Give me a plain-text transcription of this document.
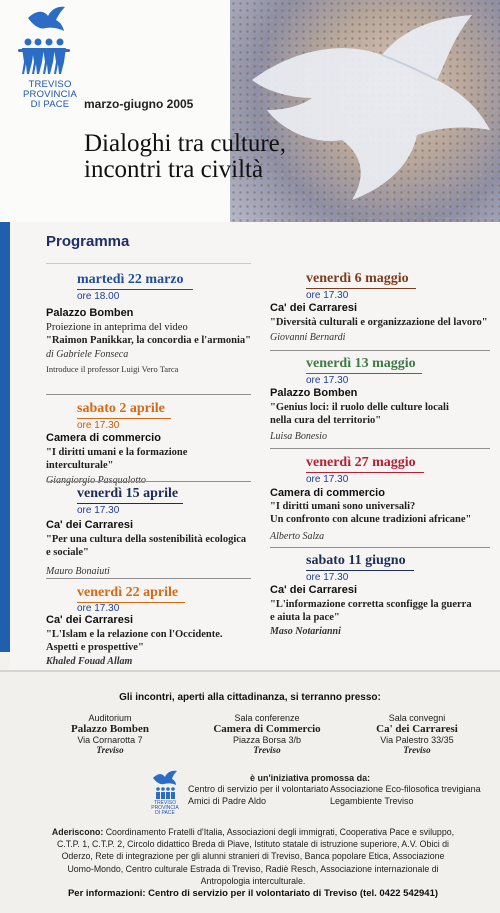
TREVISO
PROVINCIA
DI PACE	marzo-giugno 2005
Dialoghi tra culture,
incontri tra civiltà
Programma
martedì 22 marzo
ore 18.00
Palazzo Bomben
Proiezione in anteprima del video
"Raimon Panikkar, la concordia e l'armonia"
di Gabriele Fonseca
Introduce il professor Luigi Vero Tarca
sabato 2 aprile
ore 17.30
Camera di commercio
"I diritti umani e la formazione interculturale"
venerdì 15 aprile
ore 17.30
Ca' dei Carraresi
"Per una cultura della sostenibilità ecologica
e sociale"
Mauro Bonaiuti
venerdì 22 aprile
ore 17.30
Ca' dei Carraresi
"L'Islam e la relazione con l'Occidente.
Aspetti e prospettive"
Khaled Fouad Allam
venerdì 6 maggio
ore 17.30
Ca' dei Carraresi
"Diversità culturali e organizzazione del lavoro"
Giovanni Bernardi
venerdì 13 maggio
ore 17.30
Palazzo Bomben
"Genius loci: il ruolo delle culture locali
nella cura del territorio"
Luisa Bonesio
venerdì 27 maggio
ore 17.30
Camera di commercio
"I diritti umani sono universali?
Un confronto con alcune tradizioni africane"
Alberto Salza
sabato 11 giugno
ore 17.30
Ca' dei Carraresi
"L'informazione corretta sconfigge la guerra
e aiuta la pace"
Maso Notarianni
Gli incontri, aperti alla cittadinanza, si terranno presso:
Auditorium
Palazzo Bomben
Via Cornarotta 7
Treviso
Sala conferenze
Camera di Commercio
Piazza Borsa 3/b
Treviso
Sala convegni
Ca' dei Carraresi
Via Palestro 33/35
Treviso
TREVISO
PROVINCIA
DI PACE
è un'iniziativa promossa da:
Centro di servizio per il volontariato Associazione Eco-filosofica trevigiana
Amici di Padre Aldo	Legambiente Treviso
Aderiscono: Coordinamento Fratelli d'Italia, Associazioni degli immigrati, Cooperativa Pace e sviluppo, C.T.P. 1, C.T.P. 2, Circolo didattico Breda di Piave, Istituto statale di istruzione superiore, A.V. Obici di Oderzo, Rete di integrazione per gli alunni stranieri di Treviso, Banca popolare Etica, Associazione Uomo-Mondo, Centro culturale Estrada di Treviso, Radiè Resch, Associazione internazionale di Antropologia interculturale.
Per informazioni: Centro di servizio per il volontariato di Treviso (tel. 0422 542941)
